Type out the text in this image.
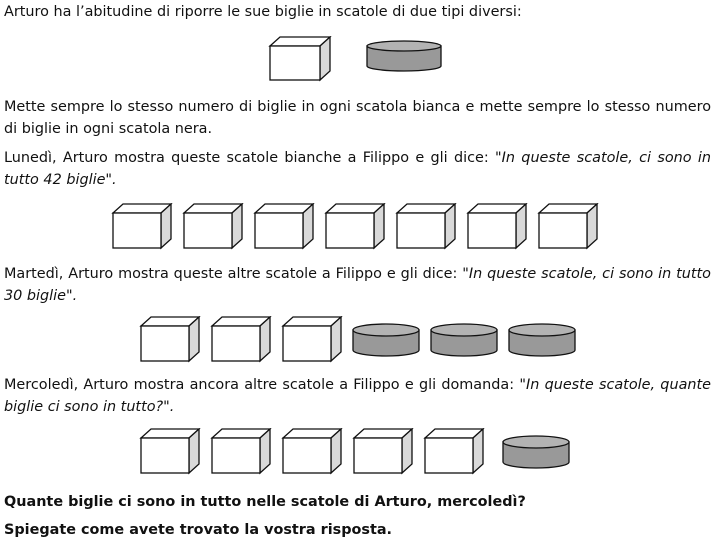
Arturo ha l’abitudine di riporre le sue biglie in scatole di due tipi diversi:

Mette sempre lo stesso numero di biglie in ogni scatola bianca e mette sempre lo stesso numero di biglie in ogni scatola nera.

Lunedì, Arturo mostra queste scatole bianche a Filippo e gli dice: "In queste scatole, ci sono in tutto 42 biglie".

Martedì, Arturo mostra queste altre scatole a Filippo e gli dice: "In queste scatole, ci sono in tutto 30 biglie".

Mercoledì, Arturo mostra ancora altre scatole a Filippo e gli domanda: "In queste scatole, quante biglie ci sono in tutto?".

Quante biglie ci sono in tutto nelle scatole di Arturo, mercoledì?

Spiegate come avete trovato la vostra risposta.
